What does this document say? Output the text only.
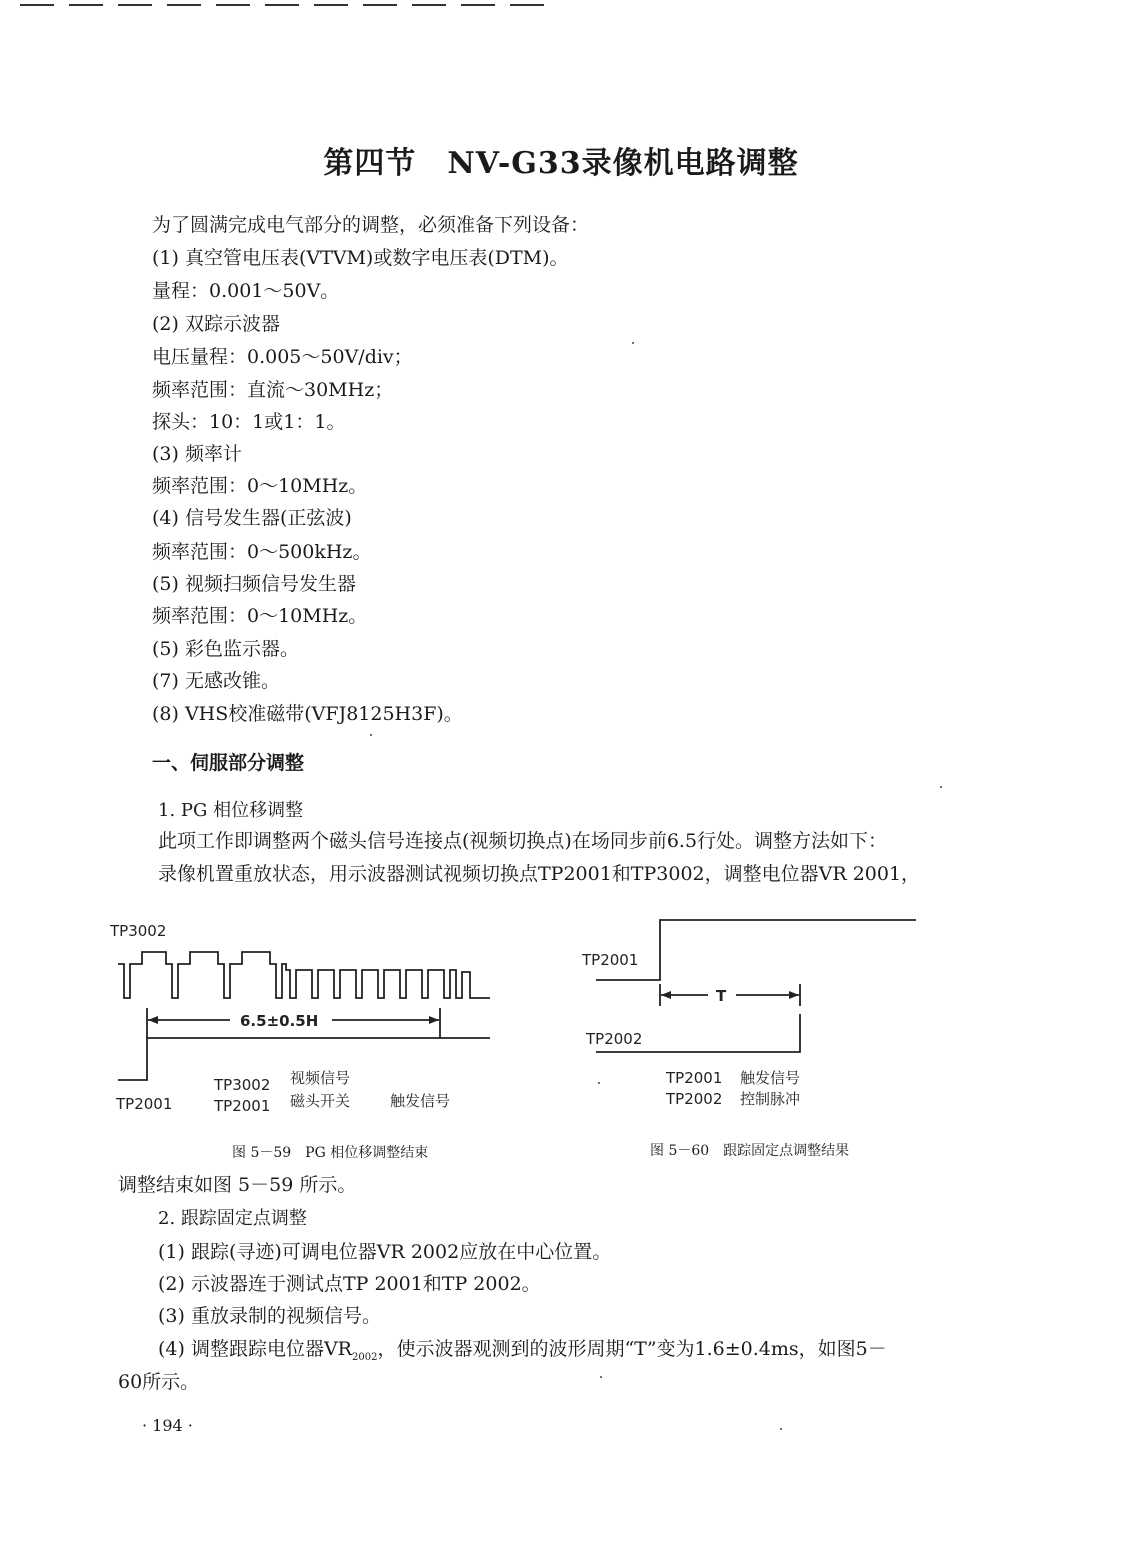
第四节　NV-G33录像机电路调整
为了圆满完成电气部分的调整，必须准备下列设备：
(1) 真空管电压表(VTVM)或数字电压表(DTM)。
量程：0.001～50V。
(2) 双踪示波器
电压量程：0.005～50V/div；
频率范围：直流～30MHz；
探头：10：1或1：1。
(3) 频率计
频率范围：0～10MHz。
(4) 信号发生器(正弦波)
频率范围：0～500kHz。
(5) 视频扫频信号发生器
频率范围：0～10MHz。
(5) 彩色监示器。
(7) 无感改锥。
(8) VHS校准磁带(VFJ8125H3F)。
一、伺服部分调整
1. PG 相位移调整
此项工作即调整两个磁头信号连接点(视频切换点)在场同步前6.5行处。调整方法如下：
录像机置重放状态，用示波器测试视频切换点TP2001和TP3002，调整电位器VR 2001，
TP3002
6.5±0.5H
TP2001
TP3002 视频信号
TP2001 磁头开关	触发信号
图 5－59　PG 相位移调整结束
T
TP2001
TP2002
TP2001 触发信号
TP2002 控制脉冲
图 5－60　跟踪固定点调整结果
调整结束如图 5－59 所示。
2. 跟踪固定点调整
(1) 跟踪(寻迹)可调电位器VR 2002应放在中心位置。
(2) 示波器连于测试点TP 2001和TP 2002。
(3) 重放录制的视频信号。
(4) 调整跟踪电位器$VR_{2002}$，使示波器观测到的波形周期“T”变为1.6±0.4ms，如图5－
60所示。
· 194 ·
